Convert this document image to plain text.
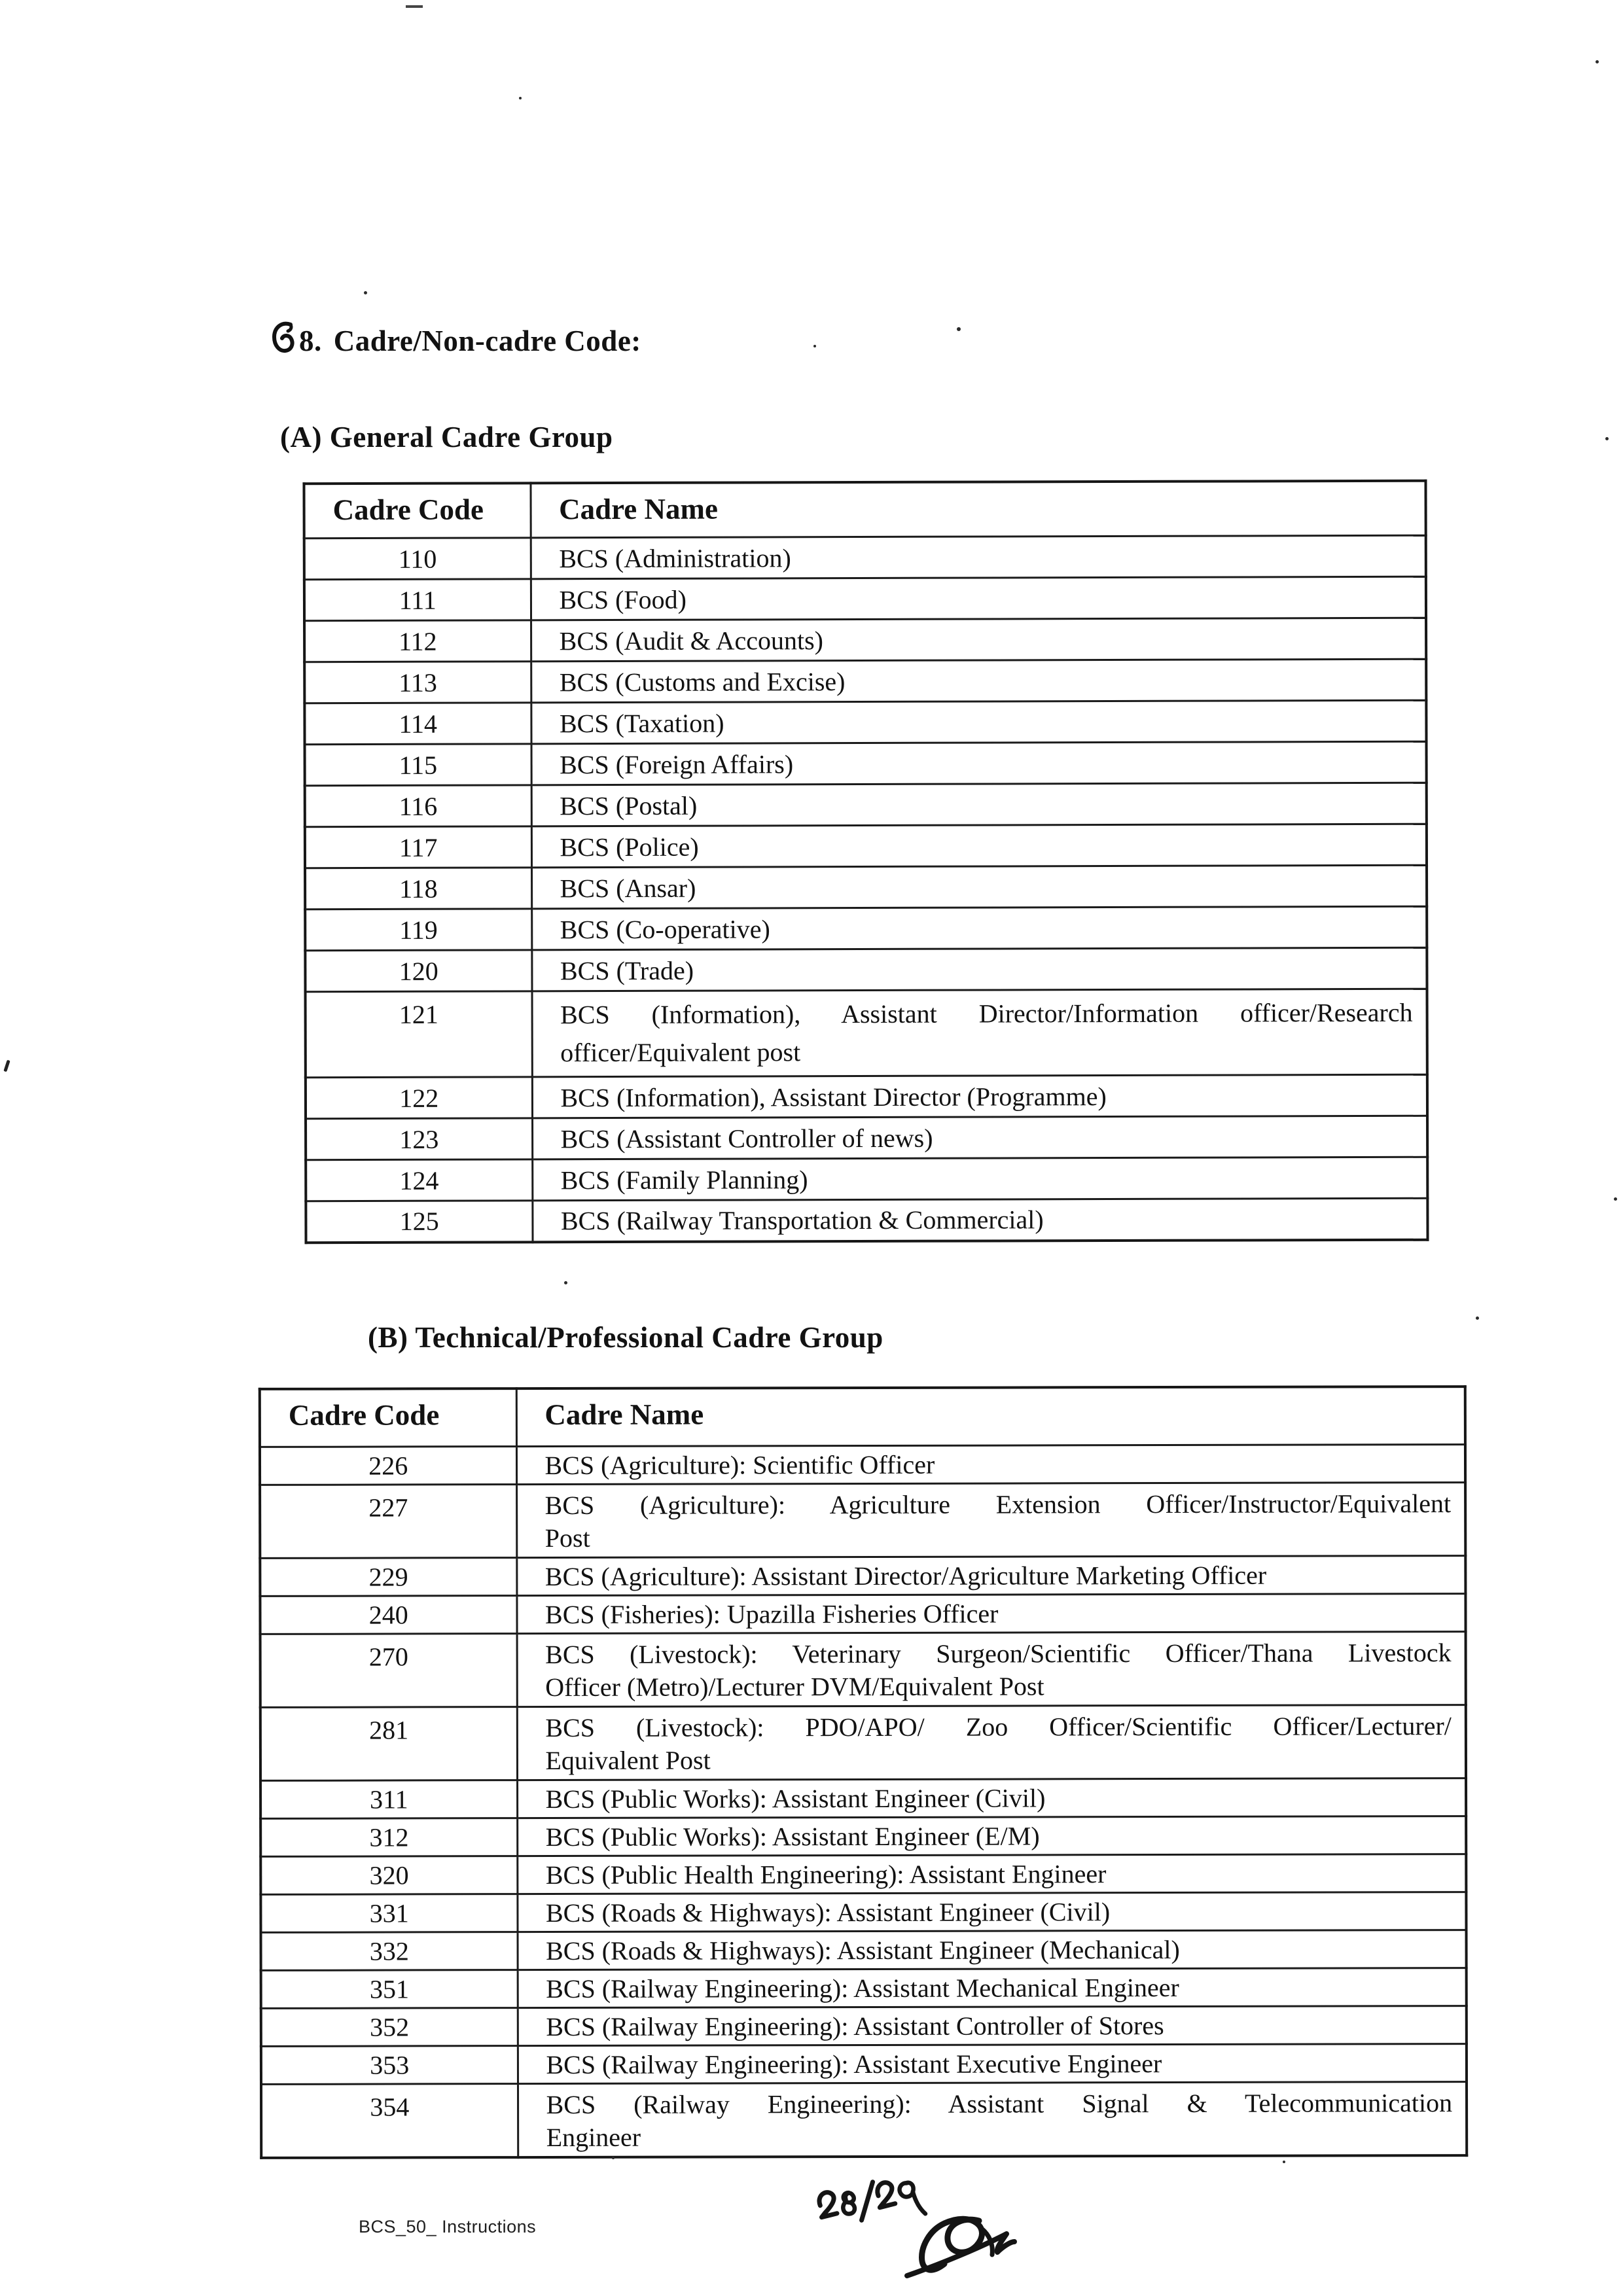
8. Cadre/Non-cadre Code:
(A) General Cadre Group
Cadre Code	Cadre Name
110	BCS (Administration)
111	BCS (Food)
112	BCS (Audit & Accounts)
113	BCS (Customs and Excise)
114	BCS (Taxation)
115	BCS (Foreign Affairs)
116	BCS (Postal)
117	BCS (Police)
118	BCS (Ansar)
119	BCS (Co-operative)
120	BCS (Trade)
121	BCS (Information), Assistant Director/Information officer/Research
officer/Equivalent post

122	BCS (Information), Assistant Director (Programme)
123	BCS (Assistant Controller of news)
124	BCS (Family Planning)
125	BCS (Railway Transportation & Commercial)
(B) Technical/Professional Cadre Group
Cadre Code	Cadre Name
226	BCS (Agriculture): Scientific Officer
227	BCS (Agriculture): Agriculture Extension Officer/Instructor/Equivalent
Post

229	BCS (Agriculture): Assistant Director/Agriculture Marketing Officer
240	BCS (Fisheries): Upazilla Fisheries Officer
270	BCS (Livestock): Veterinary Surgeon/Scientific Officer/Thana Livestock
Officer (Metro)/Lecturer DVM/Equivalent Post

281	BCS (Livestock): PDO/APO/ Zoo Officer/Scientific Officer/Lecturer/
Equivalent Post

311	BCS (Public Works): Assistant Engineer (Civil)
312	BCS (Public Works): Assistant Engineer (E/M)
320	BCS (Public Health Engineering): Assistant Engineer
331	BCS (Roads & Highways): Assistant Engineer (Civil)
332	BCS (Roads & Highways): Assistant Engineer (Mechanical)
351	BCS (Railway Engineering): Assistant Mechanical Engineer
352	BCS (Railway Engineering): Assistant Controller of Stores
353	BCS (Railway Engineering): Assistant Executive Engineer
354	BCS (Railway Engineering): Assistant Signal & Telecommunication
Engineer
BCS_50_ Instructions
